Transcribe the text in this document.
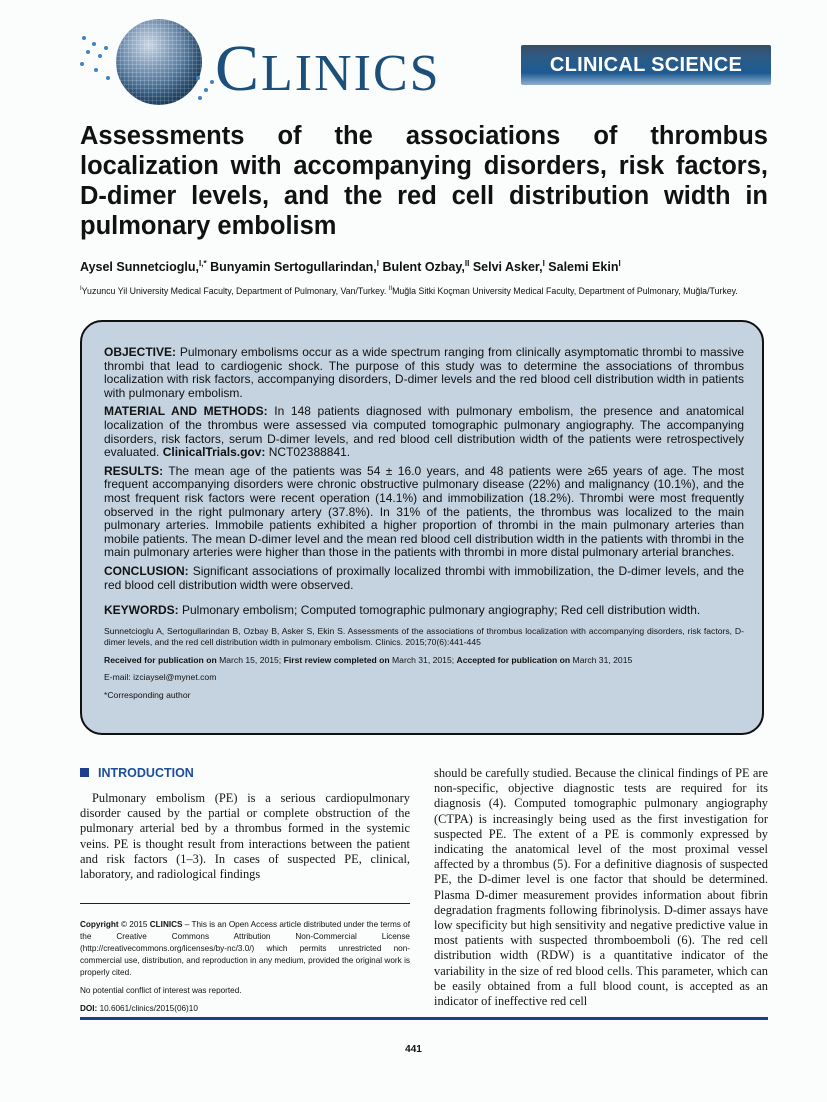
CLINICS	CLINICAL SCIENCE
Assessments of the associations of thrombus localization with accompanying disorders, risk factors, D-dimer levels, and the red cell distribution width in pulmonary embolism
Aysel Sunnetcioglu,$^{I,*}$ Bunyamin Sertogullarindan,$^I$ Bulent Ozbay,$^{II}$ Selvi Asker,$^I$ Salemi Ekin$^I$
$^I$Yuzuncu Yil University Medical Faculty, Department of Pulmonary, Van/Turkey. $^{II}$Muğla Sitki Koçman University Medical Faculty, Department of Pulmonary, Muğla/Turkey.

OBJECTIVE: Pulmonary embolisms occur as a wide spectrum ranging from clinically asymptomatic thrombi to massive thrombi that lead to cardiogenic shock. The purpose of this study was to determine the associations of thrombus localization with risk factors, accompanying disorders, D-dimer levels and the red blood cell distribution width in patients with pulmonary embolism.

MATERIAL AND METHODS: In 148 patients diagnosed with pulmonary embolism, the presence and anatomical localization of the thrombus were assessed via computed tomographic pulmonary angiography. The accompanying disorders, risk factors, serum D-dimer levels, and red blood cell distribution width of the patients were retrospectively evaluated. ClinicalTrials.gov: NCT02388841.

RESULTS: The mean age of the patients was 54 ± 16.0 years, and 48 patients were ≥65 years of age. The most frequent accompanying disorders were chronic obstructive pulmonary disease (22%) and malignancy (10.1%), and the most frequent risk factors were recent operation (14.1%) and immobilization (18.2%). Thrombi were most frequently observed in the right pulmonary artery (37.8%). In 31% of the patients, the thrombus was localized to the main pulmonary arteries. Immobile patients exhibited a higher proportion of thrombi in the main pulmonary arteries than mobile patients. The mean D-dimer level and the mean red blood cell distribution width in the patients with thrombi in the main pulmonary arteries were higher than those in the patients with thrombi in more distal pulmonary arterial branches.

CONCLUSION: Significant associations of proximally localized thrombi with immobilization, the D-dimer levels, and the red blood cell distribution width were observed.

KEYWORDS: Pulmonary embolism; Computed tomographic pulmonary angiography; Red cell distribution width.

Sunnetcioglu A, Sertogullarindan B, Ozbay B, Asker S, Ekin S. Assessments of the associations of thrombus localization with accompanying disorders, risk factors, D-dimer levels, and the red cell distribution width in pulmonary embolism. Clinics. 2015;70(6):441-445

Received for publication on March 15, 2015; First review completed on March 31, 2015; Accepted for publication on March 31, 2015

E-mail: izciaysel@mynet.com

*Corresponding author

INTRODUCTION
Pulmonary embolism (PE) is a serious cardiopulmonary disorder caused by the partial or complete obstruction of the pulmonary arterial bed by a thrombus formed in the systemic veins. PE is thought result from interactions between the patient and risk factors (1–3). In cases of suspected PE, clinical, laboratory, and radiological findings
should be carefully studied. Because the clinical findings of PE are non-specific, objective diagnostic tests are required for its diagnosis (4). Computed tomographic pulmonary angiography (CTPA) is increasingly being used as the first investigation for suspected PE. The extent of a PE is commonly expressed by indicating the anatomical level of the most proximal vessel affected by a thrombus (5). For a definitive diagnosis of suspected PE, the D-dimer level is one factor that should be determined. Plasma D-dimer measurement provides information about fibrin degradation fragments following fibrinolysis. D-dimer assays have low specificity but high sensitivity and negative predictive value in most patients with suspected thromboemboli (6). The red cell distribution width (RDW) is a quantitative indicator of the variability in the size of red blood cells. This parameter, which can be easily obtained from a full blood count, is accepted as an indicator of ineffective red cell

Copyright © 2015 CLINICS – This is an Open Access article distributed under the terms of the Creative Commons Attribution Non-Commercial License (http://creativecommons.org/licenses/by-nc/3.0/) which permits unrestricted non-commercial use, distribution, and reproduction in any medium, provided the original work is properly cited.

No potential conflict of interest was reported.

DOI: 10.6061/clinics/2015(06)10

441
